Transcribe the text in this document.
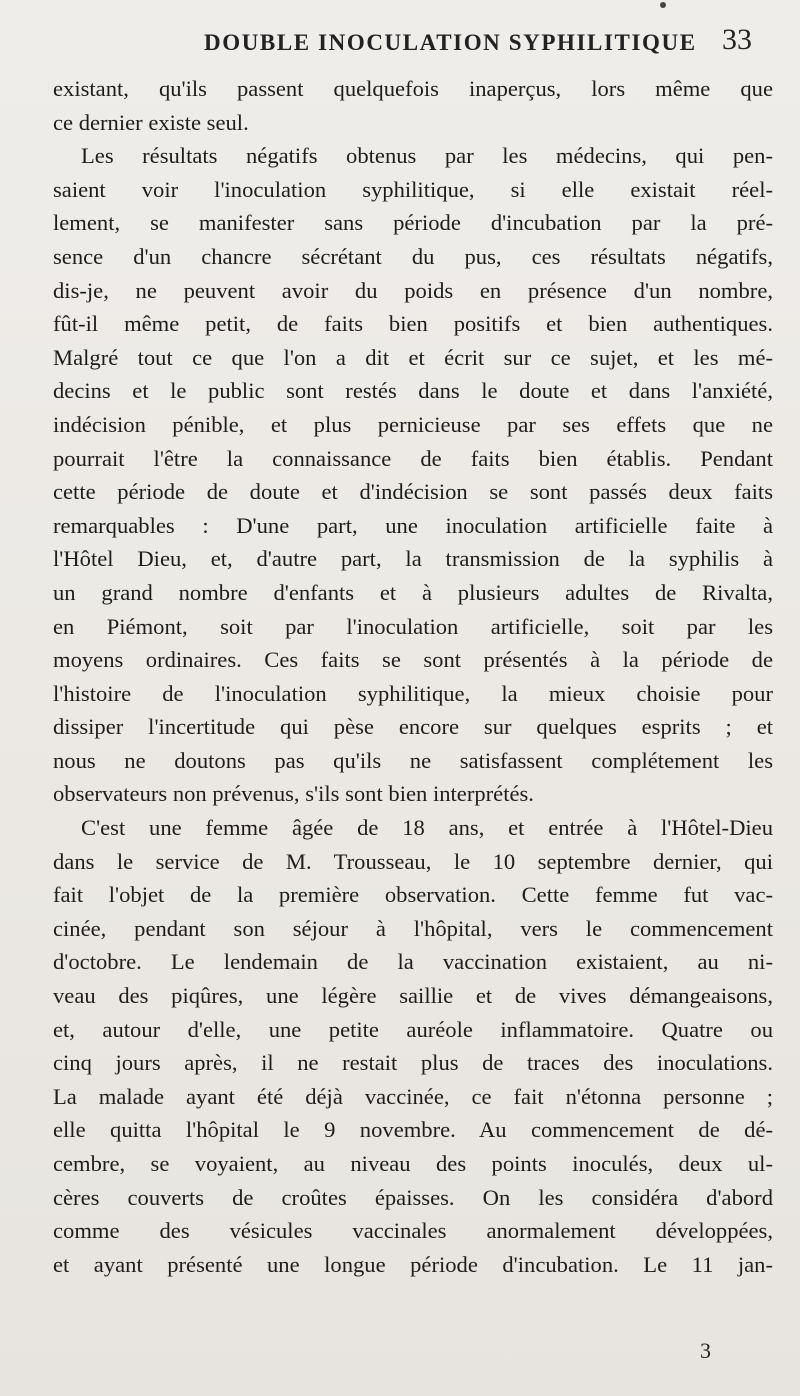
DOUBLE INOCULATION SYPHILITIQUE 33
existant, qu'ils passent quelquefois inaperçus, lors même que
ce dernier existe seul.
Les résultats négatifs obtenus par les médecins, qui pen-
saient voir l'inoculation syphilitique, si elle existait réel-
lement, se manifester sans période d'incubation par la pré-
sence d'un chancre sécrétant du pus, ces résultats négatifs,
dis-je, ne peuvent avoir du poids en présence d'un nombre,
fût-il même petit, de faits bien positifs et bien authentiques.
Malgré tout ce que l'on a dit et écrit sur ce sujet, et les mé-
decins et le public sont restés dans le doute et dans l'anxiété,
indécision pénible, et plus pernicieuse par ses effets que ne
pourrait l'être la connaissance de faits bien établis. Pendant
cette période de doute et d'indécision se sont passés deux faits
remarquables : D'une part, une inoculation artificielle faite à
l'Hôtel Dieu, et, d'autre part, la transmission de la syphilis à
un grand nombre d'enfants et à plusieurs adultes de Rivalta,
en Piémont, soit par l'inoculation artificielle, soit par les
moyens ordinaires. Ces faits se sont présentés à la période de
l'histoire de l'inoculation syphilitique, la mieux choisie pour
dissiper l'incertitude qui pèse encore sur quelques esprits ; et
nous ne doutons pas qu'ils ne satisfassent complétement les
observateurs non prévenus, s'ils sont bien interprétés.
C'est une femme âgée de 18 ans, et entrée à l'Hôtel-Dieu
dans le service de M. Trousseau, le 10 septembre dernier, qui
fait l'objet de la première observation. Cette femme fut vac-
cinée, pendant son séjour à l'hôpital, vers le commencement
d'octobre. Le lendemain de la vaccination existaient, au ni-
veau des piqûres, une légère saillie et de vives démangeaisons,
et, autour d'elle, une petite auréole inflammatoire. Quatre ou
cinq jours après, il ne restait plus de traces des inoculations.
La malade ayant été déjà vaccinée, ce fait n'étonna personne ;
elle quitta l'hôpital le 9 novembre. Au commencement de dé-
cembre, se voyaient, au niveau des points inoculés, deux ul-
cères couverts de croûtes épaisses. On les considéra d'abord
comme des vésicules vaccinales anormalement développées,
et ayant présenté une longue période d'incubation. Le 11 jan-
3
